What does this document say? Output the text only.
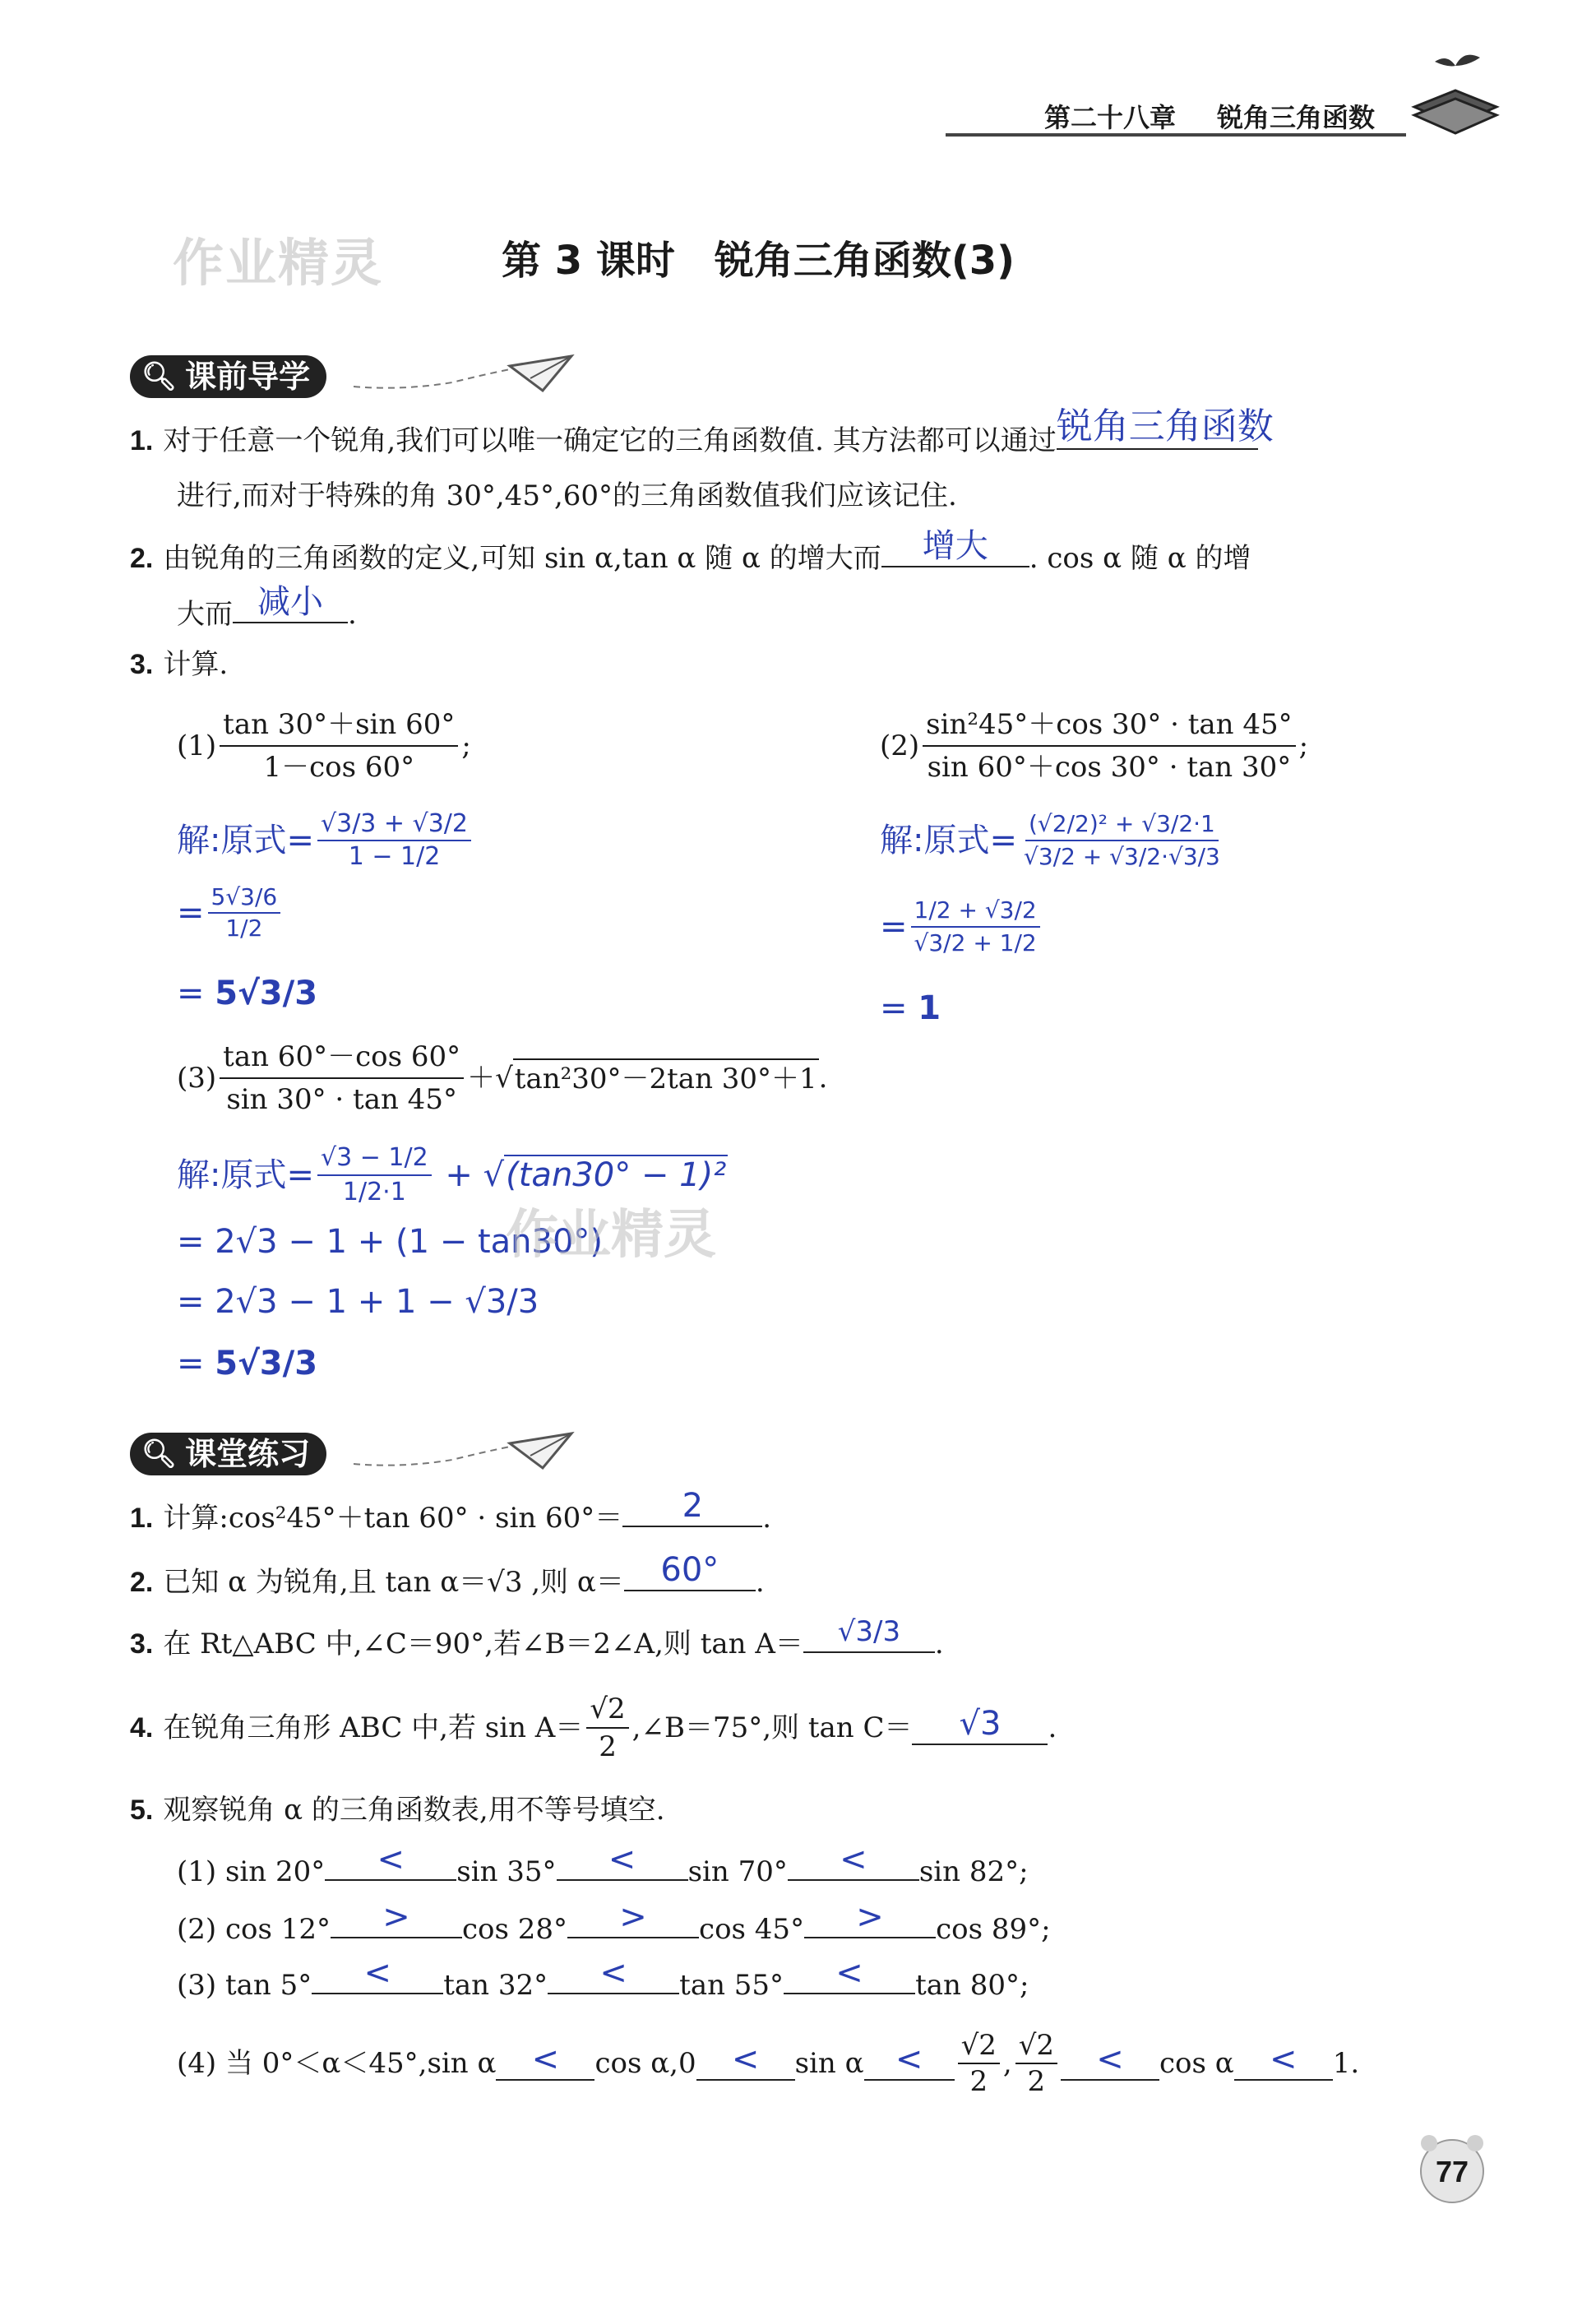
第二十八章 锐角三角函数
作业精灵	第 3 课时　锐角三角函数(3)
🔍︎ 课前导学
1. 对于任意一个锐角,我们可以唯一确定它的三角函数值. 其方法都可以通过 锐角三角函数
进行,而对于特殊的角 30°,45°,60°的三角函数值我们应该记住.
2. 由锐角的三角函数的定义,可知 sin α,tan α 随 α 的增大而	增大	. cos α 随 α 的增
大而 减小 .
3. 计算.
$(1) \frac{\tan 30^\circ+\sin 60^\circ}{1-\cos 60^\circ}$ ;	$(2) \frac{\text{sin²45°＋cos 30° · tan 45°}}{\sin 60^\circ+\cos 30^\circ \cdot \tan 30^\circ}$ ;
解:原式= $\frac{√3/3 + √3/2}{1 - 1/2}$
= $\frac{5√3/6}{1/2}$
= 5√3/3
解:原式= $\frac{\text{(√2/2)² + √3/2·1}}{√3/2 + √3/2\cdot√3/3}$
= $\frac{1/2 + √3/2}{√3/2 + 1/2}$
= 1
$(3) \frac{\tan 60^\circ-\cos 60^\circ}{\sin 30^\circ \cdot \tan 45^\circ}$ ＋√ tan²30°－2tan 30°＋1 .
解:原式= $\frac{√3 - 1/2}{1/2\cdot 1} + √(\tan 30^\circ - 1)^2$
= 2√3 − 1 + (1 − tan30°)
= 2√3 − 1 + 1 − √3/3
= 5√3/3
作业精灵
🔍︎ 课堂练习
1. 计算:cos²45°＋tan 60° · sin 60°＝	2	.
2. 已知 α 为锐角,且 tan α＝√3 ,则 α＝	60°	.
3. 在 Rt△ABC 中,∠C＝90°,若∠B＝2∠A,则 tan A＝	√3/3	.
4. 在锐角三角形 ABC 中,若 $\sin A= \frac{√2}{2}$ ,∠B＝75°,则 tan C＝	√3	.
5. 观察锐角 α 的三角函数表,用不等号填空.
(1) sin 20°	<	sin 35°	<	sin 70°	<	sin 82°;
(2) cos 12°	>	cos 28°	>	cos 45°	>	cos 89°;
(3) tan 5°	<	tan 32°	<	tan 55°	<	tan 80°;
(4) 当 0°＜α＜45°,sin α	<	cos α,0	<	sin α <	$\frac{√2}{2}$ , $\frac{√2}{2}$	<	cos α	<	1.
77
